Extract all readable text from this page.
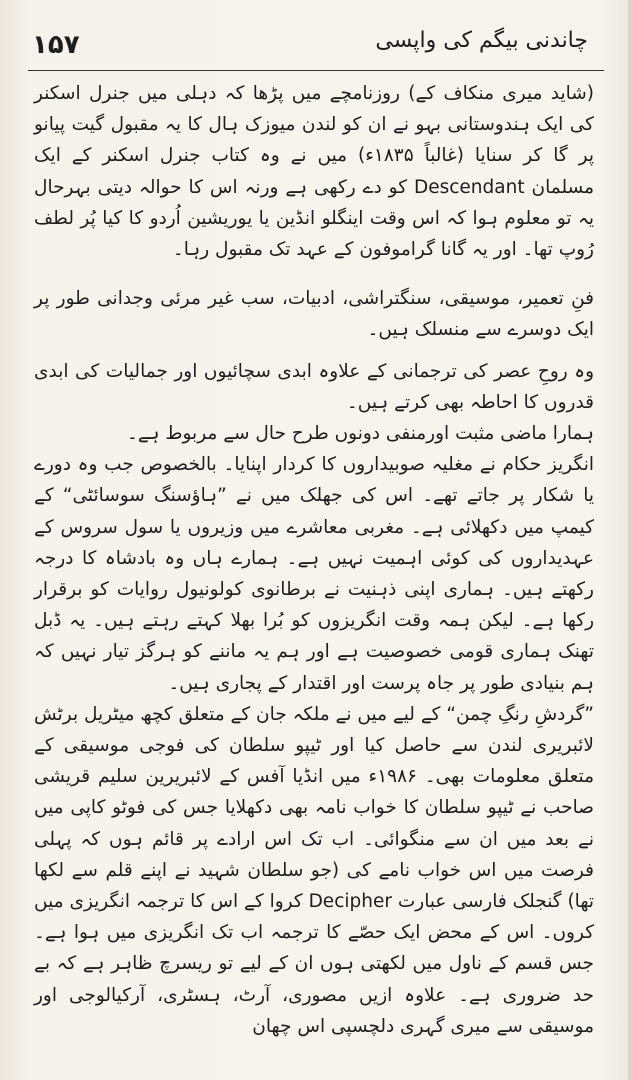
۱۵۷	چاندنی بیگم کی واپسی

(شاید میری منکاف کے) روزنامچے میں پڑھا کہ دہلی میں جنرل اسکنر کی ایک ہندوستانی بہو نے ان کو لندن میوزک ہال کا یہ مقبول گیت پیانو پر گا کر سنایا (غالباً ۱۸۳۵ء) میں نے وہ کتاب جنرل اسکنر کے ایک مسلمان Descendant کو دے رکھی ہے ورنہ اس کا حوالہ دیتی بہرحال یہ تو معلوم ہوا کہ اس وقت اینگلو انڈین یا یوریشین اُردو کا کیا پُر لطف رُوپ تھا۔ اور یہ گانا گراموفون کے عہد تک مقبول رہا۔

فنِ تعمیر، موسیقی، سنگتراشی، ادبیات، سب غیر مرئی وجدانی طور پر ایک دوسرے سے منسلک ہیں۔

وہ روحِ عصر کی ترجمانی کے علاوہ ابدی سچائیوں اور جمالیات کی ابدی قدروں کا احاطہ بھی کرتے ہیں۔

ہمارا ماضی مثبت اورمنفی دونوں طرح حال سے مربوط ہے۔

انگریز حکام نے مغلیہ صوبیداروں کا کردار اپنایا۔ بالخصوص جب وہ دورے یا شکار پر جاتے تھے۔ اس کی جھلک میں نے ”ہاؤسنگ سوسائٹی“ کے کیمپ میں دکھلائی ہے۔ مغربی معاشرے میں وزیروں یا سول سروس کے عہدیداروں کی کوئی اہمیت نہیں ہے۔ ہمارے ہاں وہ بادشاہ کا درجہ رکھتے ہیں۔ ہماری اپنی ذہنیت نے برطانوی کولونیول روایات کو برقرار رکھا ہے۔ لیکن ہمہ وقت انگریزوں کو بُرا بھلا کہتے رہتے ہیں۔ یہ ڈبل تھنک ہماری قومی خصوصیت ہے اور ہم یہ ماننے کو ہرگز تیار نہیں کہ ہم بنیادی طور پر جاہ پرست اور اقتدار کے پجاری ہیں۔

”گردشِ رنگِ چمن“ کے لیے میں نے ملکہ جان کے متعلق کچھ میٹریل برٹش لائبریری لندن سے حاصل کیا اور ٹیپو سلطان کی فوجی موسیقی کے متعلق معلومات بھی۔ ۱۹۸۶ء میں انڈیا آفس کے لائبریرین سلیم قریشی صاحب نے ٹیپو سلطان کا خواب نامہ بھی دکھلایا جس کی فوٹو کاپی میں نے بعد میں ان سے منگوائی۔ اب تک اس ارادے پر قائم ہوں کہ پہلی فرصت میں اس خواب نامے کی (جو سلطان شہید نے اپنے قلم سے لکھا تھا) گنجلک فارسی عبارت Decipher کروا کے اس کا ترجمہ انگریزی میں کروں۔ اس کے محض ایک حصّے کا ترجمہ اب تک انگریزی میں ہوا ہے۔ جس قسم کے ناول میں لکھتی ہوں ان کے لیے تو ریسرچ ظاہر ہے کہ بے حد ضروری ہے۔ علاوہ ازیں مصوری، آرٹ، ہسٹری، آرکیالوجی اور موسیقی سے میری گہری دلچسپی اس چھان
